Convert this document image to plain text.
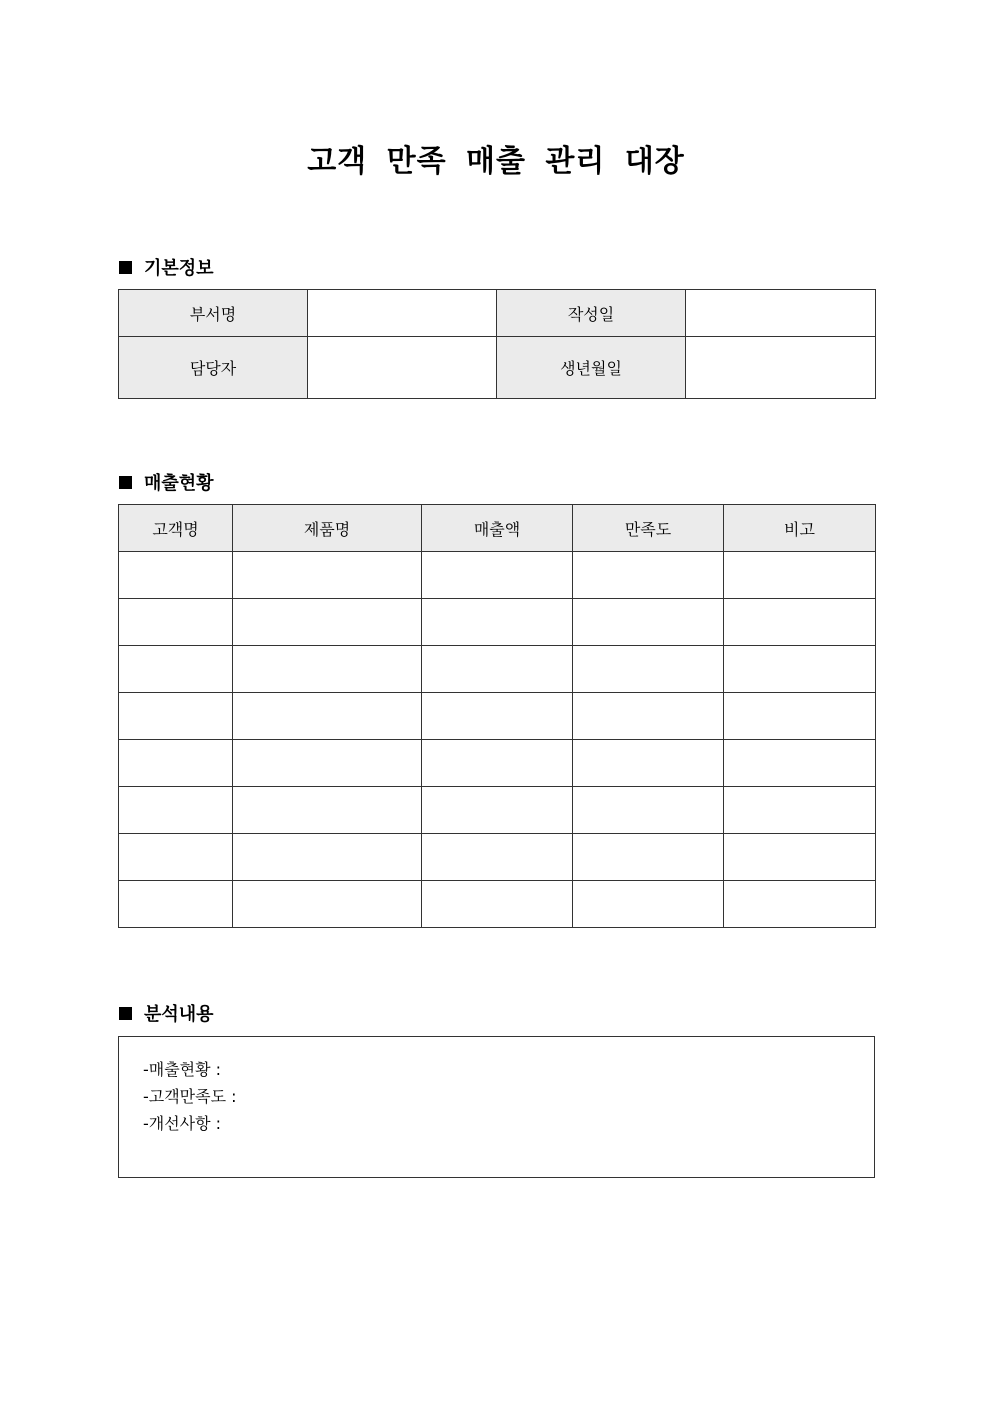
고객 만족 매출 관리 대장
기본정보
부서명		작성일	
담당자		생년월일	
매출현황
고객명	제품명	매출액	만족도	비고

분석내용
-매출현황 :
-고객만족도 :
-개선사항 :
